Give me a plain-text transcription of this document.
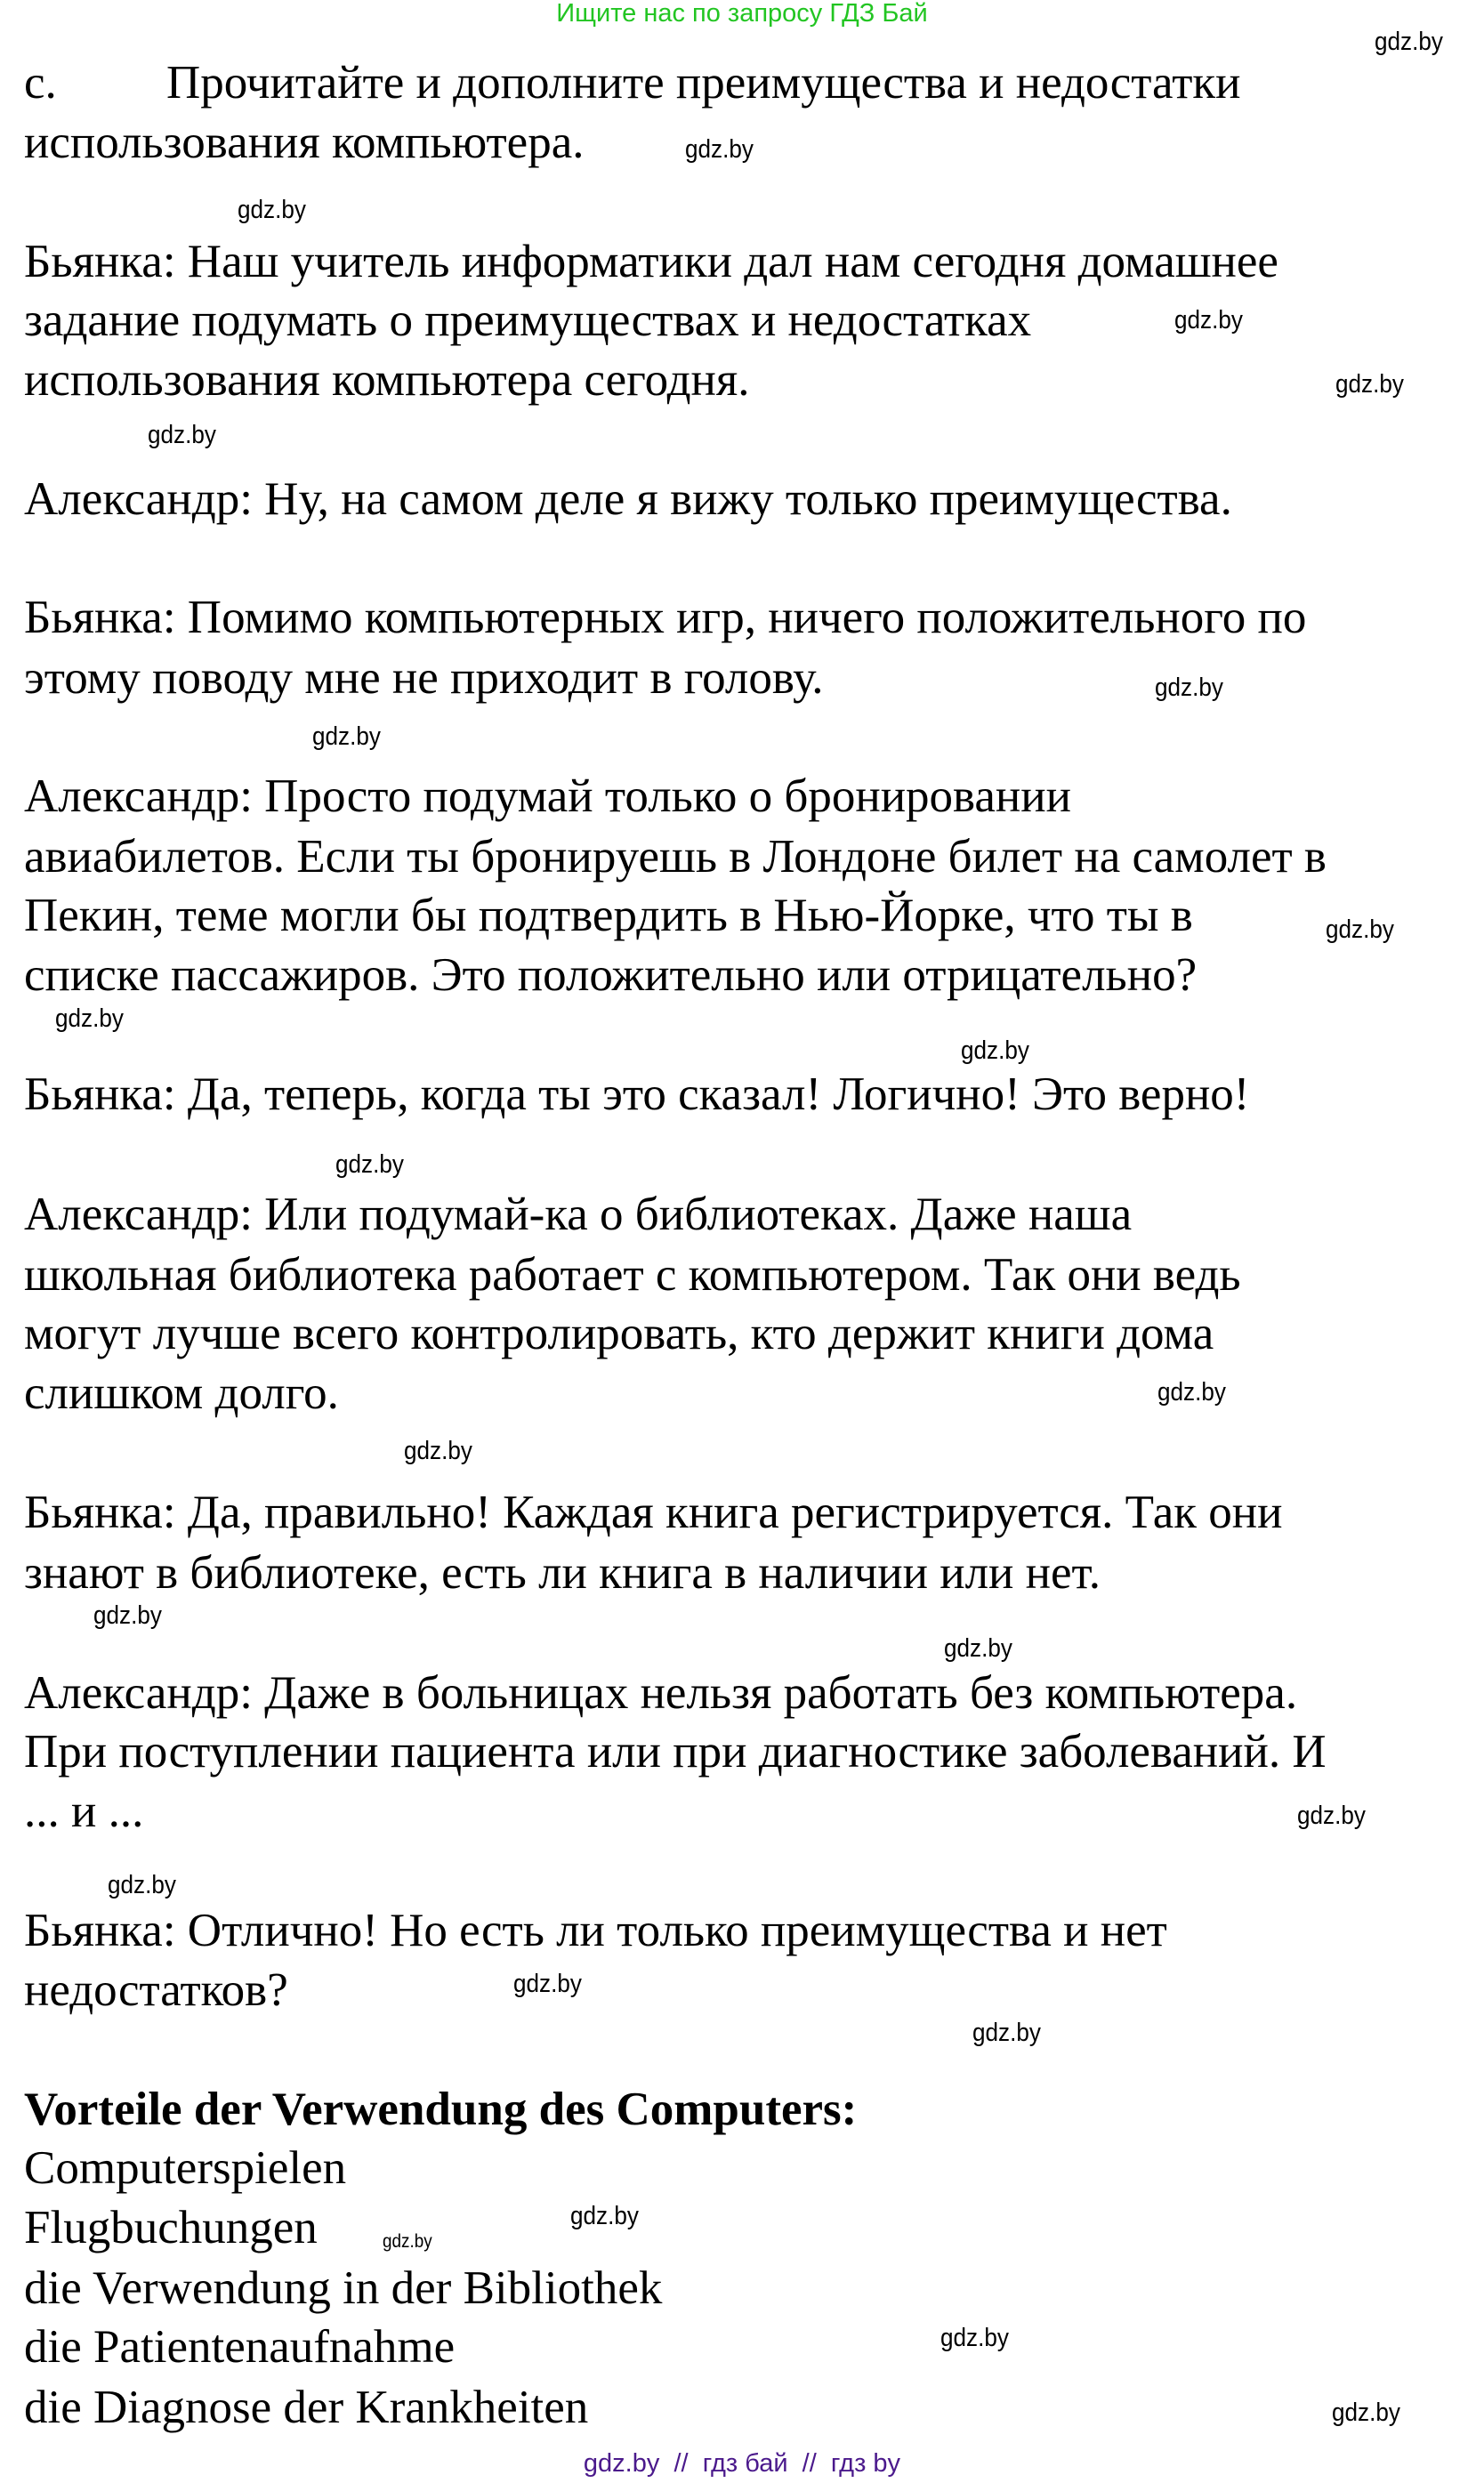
Ищите нас по запросу ГДЗ Бай
c. Прочитайте и дополните преимущества и недостатки
использования компьютера.
Бьянка: Наш учитель информатики дал нам сегодня домашнее
задание подумать о преимуществах и недостатках
использования компьютера сегодня.
Александр: Ну, на самом деле я вижу только преимущества.
Бьянка: Помимо компьютерных игр, ничего положительного по
этому поводу мне не приходит в голову.
Александр: Просто подумай только о бронировании
авиабилетов. Если ты бронируешь в Лондоне билет на самолет в
Пекин, теме могли бы подтвердить в Нью-Йорке, что ты в
списке пассажиров. Это положительно или отрицательно?
Бьянка: Да, теперь, когда ты это сказал! Логично! Это верно!
Александр: Или подумай-ка о библиотеках. Даже наша
школьная библиотека работает с компьютером. Так они ведь
могут лучше всего контролировать, кто держит книги дома
слишком долго.
Бьянка: Да, правильно! Каждая книга регистрируется. Так они
знают в библиотеке, есть ли книга в наличии или нет.
Александр: Даже в больницах нельзя работать без компьютера.
При поступлении пациента или при диагностике заболеваний. И
... и ...
Бьянка: Отлично! Но есть ли только преимущества и нет
недостатков?
Vorteile der Verwendung des Computers:
Computerspielen
Flugbuchungen
die Verwendung in der Bibliothek
die Patientenaufnahme
die Diagnose der Krankheiten
gdz.by
gdz.by
gdz.by
gdz.by
gdz.by
gdz.by
gdz.by
gdz.by
gdz.by
gdz.by
gdz.by
gdz.by
gdz.by
gdz.by
gdz.by
gdz.by
gdz.by
gdz.by
gdz.by
gdz.by
gdz.by
gdz.by
gdz.by
gdz.by
gdz.by  //  гдз бай  //  гдз by
